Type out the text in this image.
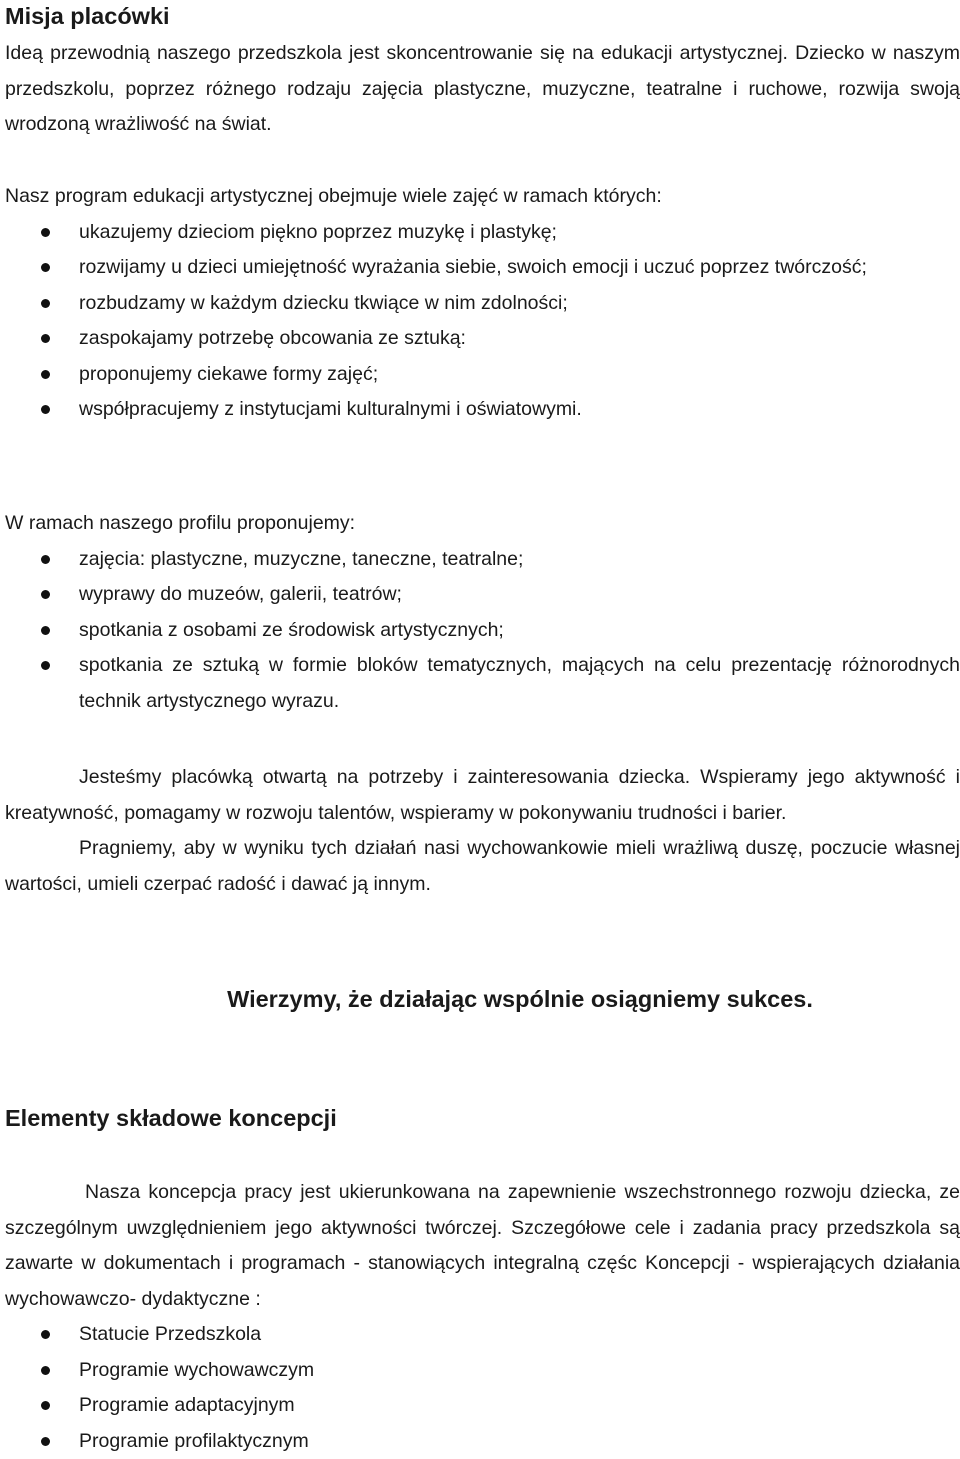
Misja placówki

Ideą przewodnią naszego przedszkola jest skoncentrowanie się na edukacji artystycznej. Dziecko w naszym przedszkolu, poprzez różnego rodzaju zajęcia plastyczne, muzyczne, teatralne i ruchowe, rozwija swoją wrodzoną wrażliwość na świat.

Nasz program edukacji artystycznej obejmuje wiele zajęć w ramach których:

ukazujemy dzieciom piękno poprzez muzykę i plastykę;
rozwijamy u dzieci umiejętność wyrażania siebie, swoich emocji i uczuć poprzez twórczość;
rozbudzamy w każdym dziecku tkwiące w nim zdolności;
zaspokajamy potrzebę obcowania ze sztuką:
proponujemy ciekawe formy zajęć;
współpracujemy z instytucjami kulturalnymi i oświatowymi.

W ramach naszego profilu proponujemy:

zajęcia: plastyczne, muzyczne, taneczne, teatralne;
wyprawy do muzeów, galerii, teatrów;
spotkania z osobami ze środowisk artystycznych;
spotkania ze sztuką w formie bloków tematycznych, mających na celu prezentację różnorodnych technik artystycznego wyrazu.

Jesteśmy placówką otwartą na potrzeby i zainteresowania dziecka. Wspieramy jego aktywność i kreatywność, pomagamy w rozwoju talentów, wspieramy w pokonywaniu trudności i barier.

Pragniemy, aby w wyniku tych działań nasi wychowankowie mieli wrażliwą duszę, poczucie własnej wartości, umieli czerpać radość i dawać ją innym.

Wierzymy, że działając wspólnie osiągniemy sukces.
Elementy składowe koncepcji

Nasza koncepcja pracy jest ukierunkowana na zapewnienie wszechstronnego rozwoju dziecka, ze szczególnym uwzględnieniem jego aktywności twórczej. Szczegółowe cele i zadania pracy przedszkola są zawarte w dokumentach i programach - stanowiących integralną częśc Koncepcji - wspierających działania wychowawczo- dydaktyczne :

Statucie Przedszkola
Programie wychowawczym
Programie adaptacyjnym
Programie profilaktycznym
